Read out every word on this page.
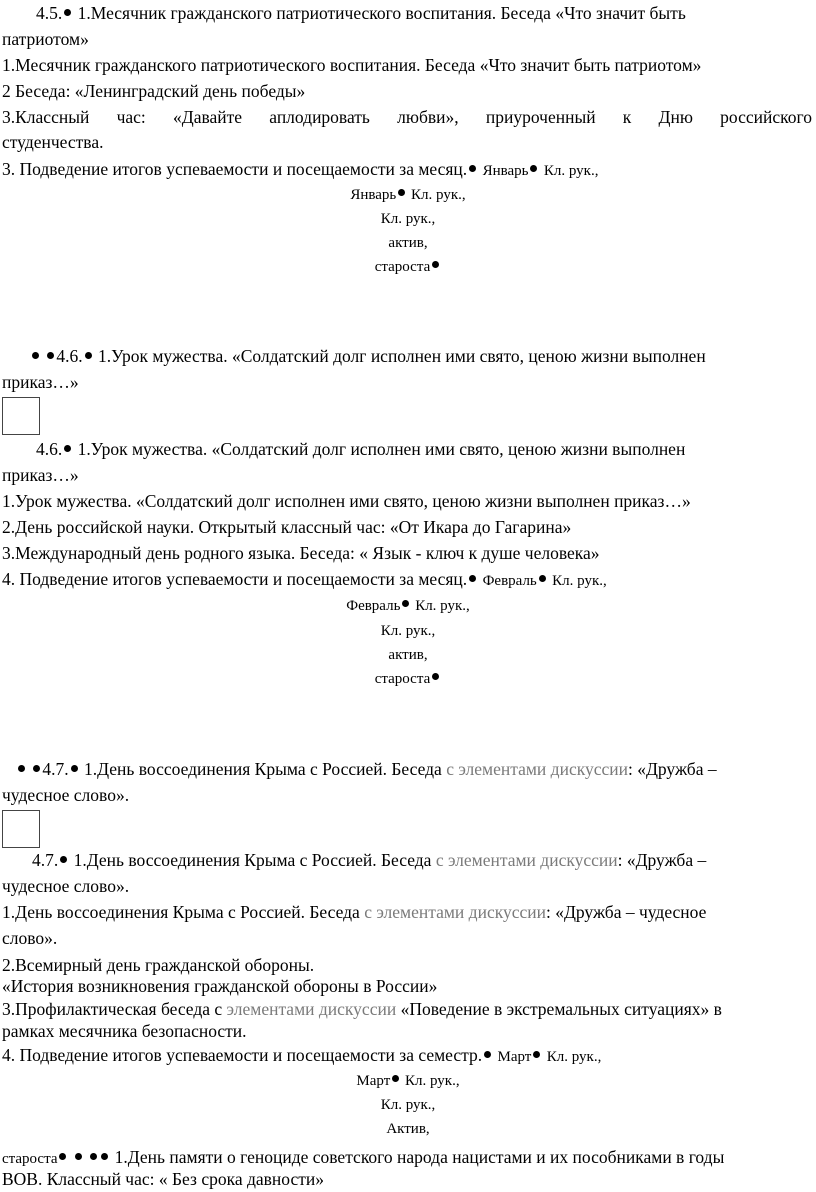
4.5. 1.Месячник гражданского патриотического воспитания. Беседа «Что значит быть
патриотом»
1.Месячник гражданского патриотического воспитания. Беседа «Что значит быть патриотом»
2 Беседа: «Ленинградский день победы»
3.Классный час: «Давайте аплодировать любви», приуроченный к Дню российского
студенчества.
3. Подведение итогов успеваемости и посещаемости за месяц. Январь Кл. рук.,
Январь Кл. рук.,
Кл. рук.,
актив,
староста
4.6. 1.Урок мужества. «Солдатский долг исполнен ими свято, ценою жизни выполнен
приказ…»
4.6. 1.Урок мужества. «Солдатский долг исполнен ими свято, ценою жизни выполнен
приказ…»
1.Урок мужества. «Солдатский долг исполнен ими свято, ценою жизни выполнен приказ…»
2.День российской науки. Открытый классный час: «От Икара до Гагарина»
3.Международный день родного языка. Беседа: « Язык - ключ к душе человека»
4. Подведение итогов успеваемости и посещаемости за месяц. Февраль Кл. рук.,
Февраль Кл. рук.,
Кл. рук.,
актив,
староста
4.7. 1.День воссоединения Крыма с Россией. Беседа с элементами дискуссии: «Дружба –
чудесное слово».
4.7. 1.День воссоединения Крыма с Россией. Беседа с элементами дискуссии: «Дружба –
чудесное слово».
1.День воссоединения Крыма с Россией. Беседа с элементами дискуссии: «Дружба – чудесное
слово».
2.Всемирный день гражданской обороны.
«История возникновения гражданской обороны в России»
3.Профилактическая беседа с элементами дискуссии «Поведение в экстремальных ситуациях» в
рамках месячника безопасности.
4. Подведение итогов успеваемости и посещаемости за семестр. Март Кл. рук.,
Март Кл. рук.,
Кл. рук.,
Актив,
староста	1.День памяти о геноциде советского народа нацистами и их пособниками в годы
ВОВ. Классный час: « Без срока давности»
